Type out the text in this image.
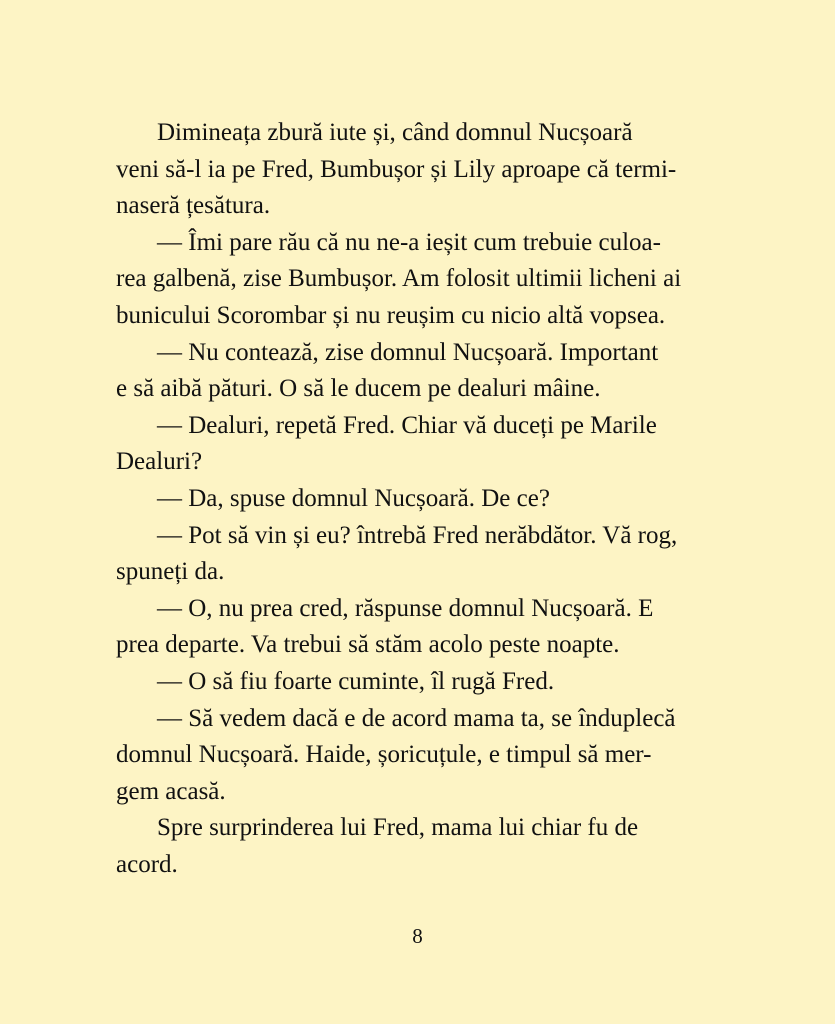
Dimineața zbură iute și, când domnul Nucșoară
veni să-l ia pe Fred, Bumbușor și Lily aproape că termi-
naseră țesătura.
— Îmi pare rău că nu ne-a ieșit cum trebuie culoa-
rea galbenă, zise Bumbușor. Am folosit ultimii licheni ai
bunicului Scorombar și nu reușim cu nicio altă vopsea.
— Nu contează, zise domnul Nucșoară. Important
e să aibă pături. O să le ducem pe dealuri mâine.
— Dealuri, repetă Fred. Chiar vă duceți pe Marile
Dealuri?
— Da, spuse domnul Nucșoară. De ce?
— Pot să vin și eu? întrebă Fred nerăbdător. Vă rog,
spuneți da.
— O, nu prea cred, răspunse domnul Nucșoară. E
prea departe. Va trebui să stăm acolo peste noapte.
— O să fiu foarte cuminte, îl rugă Fred.
— Să vedem dacă e de acord mama ta, se înduplecă
domnul Nucșoară. Haide, șoricuțule, e timpul să mer-
gem acasă.
Spre surprinderea lui Fred, mama lui chiar fu de
acord.
8
